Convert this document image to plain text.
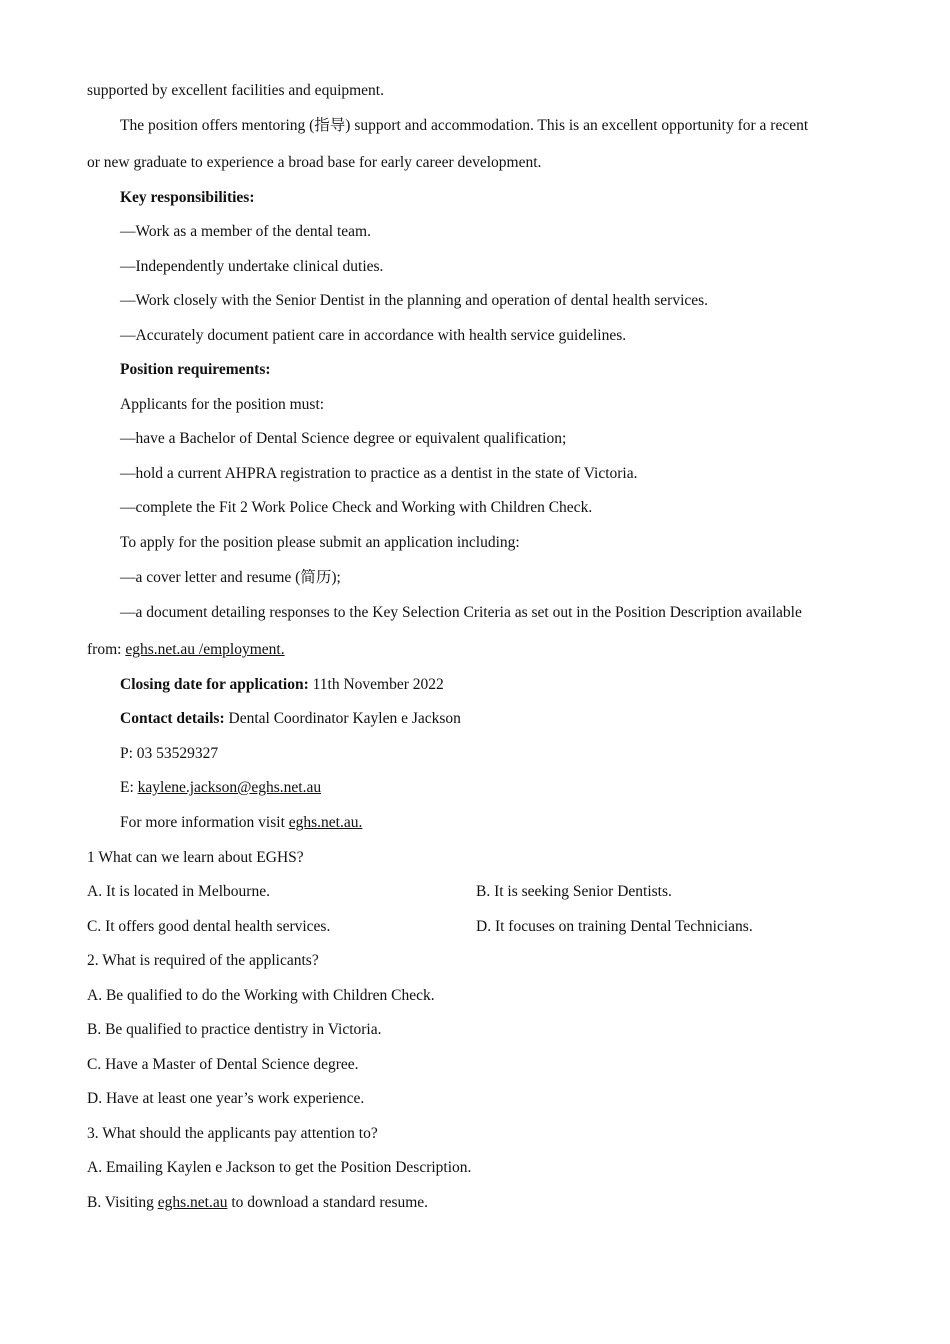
supported by excellent facilities and equipment.
The position offers mentoring (指导) support and accommodation. This is an excellent opportunity for a recent
or new graduate to experience a broad base for early career development.
Key responsibilities:
—Work as a member of the dental team.
—Independently undertake clinical duties.
—Work closely with the Senior Dentist in the planning and operation of dental health services.
—Accurately document patient care in accordance with health service guidelines.
Position requirements:
Applicants for the position must:
—have a Bachelor of Dental Science degree or equivalent qualification;
—hold a current AHPRA registration to practice as a dentist in the state of Victoria.
—complete the Fit 2 Work Police Check and Working with Children Check.
To apply for the position please submit an application including:
—a cover letter and resume (简历);
—a document detailing responses to the Key Selection Criteria as set out in the Position Description available
from: eghs.net.au /employment.
Closing date for application: 11th November 2022
Contact details: Dental Coordinator Kaylen e Jackson
P: 03 53529327
E: kaylene.jackson@eghs.net.au
For more information visit eghs.net.au.
1 What can we learn about EGHS?
A. It is located in Melbourne.	B. It is seeking Senior Dentists.
C. It offers good dental health services.	D. It focuses on training Dental Technicians.
2. What is required of the applicants?
A. Be qualified to do the Working with Children Check.
B. Be qualified to practice dentistry in Victoria.
C. Have a Master of Dental Science degree.
D. Have at least one year’s work experience.
3. What should the applicants pay attention to?
A. Emailing Kaylen e Jackson to get the Position Description.
B. Visiting eghs.net.au to download a standard resume.
